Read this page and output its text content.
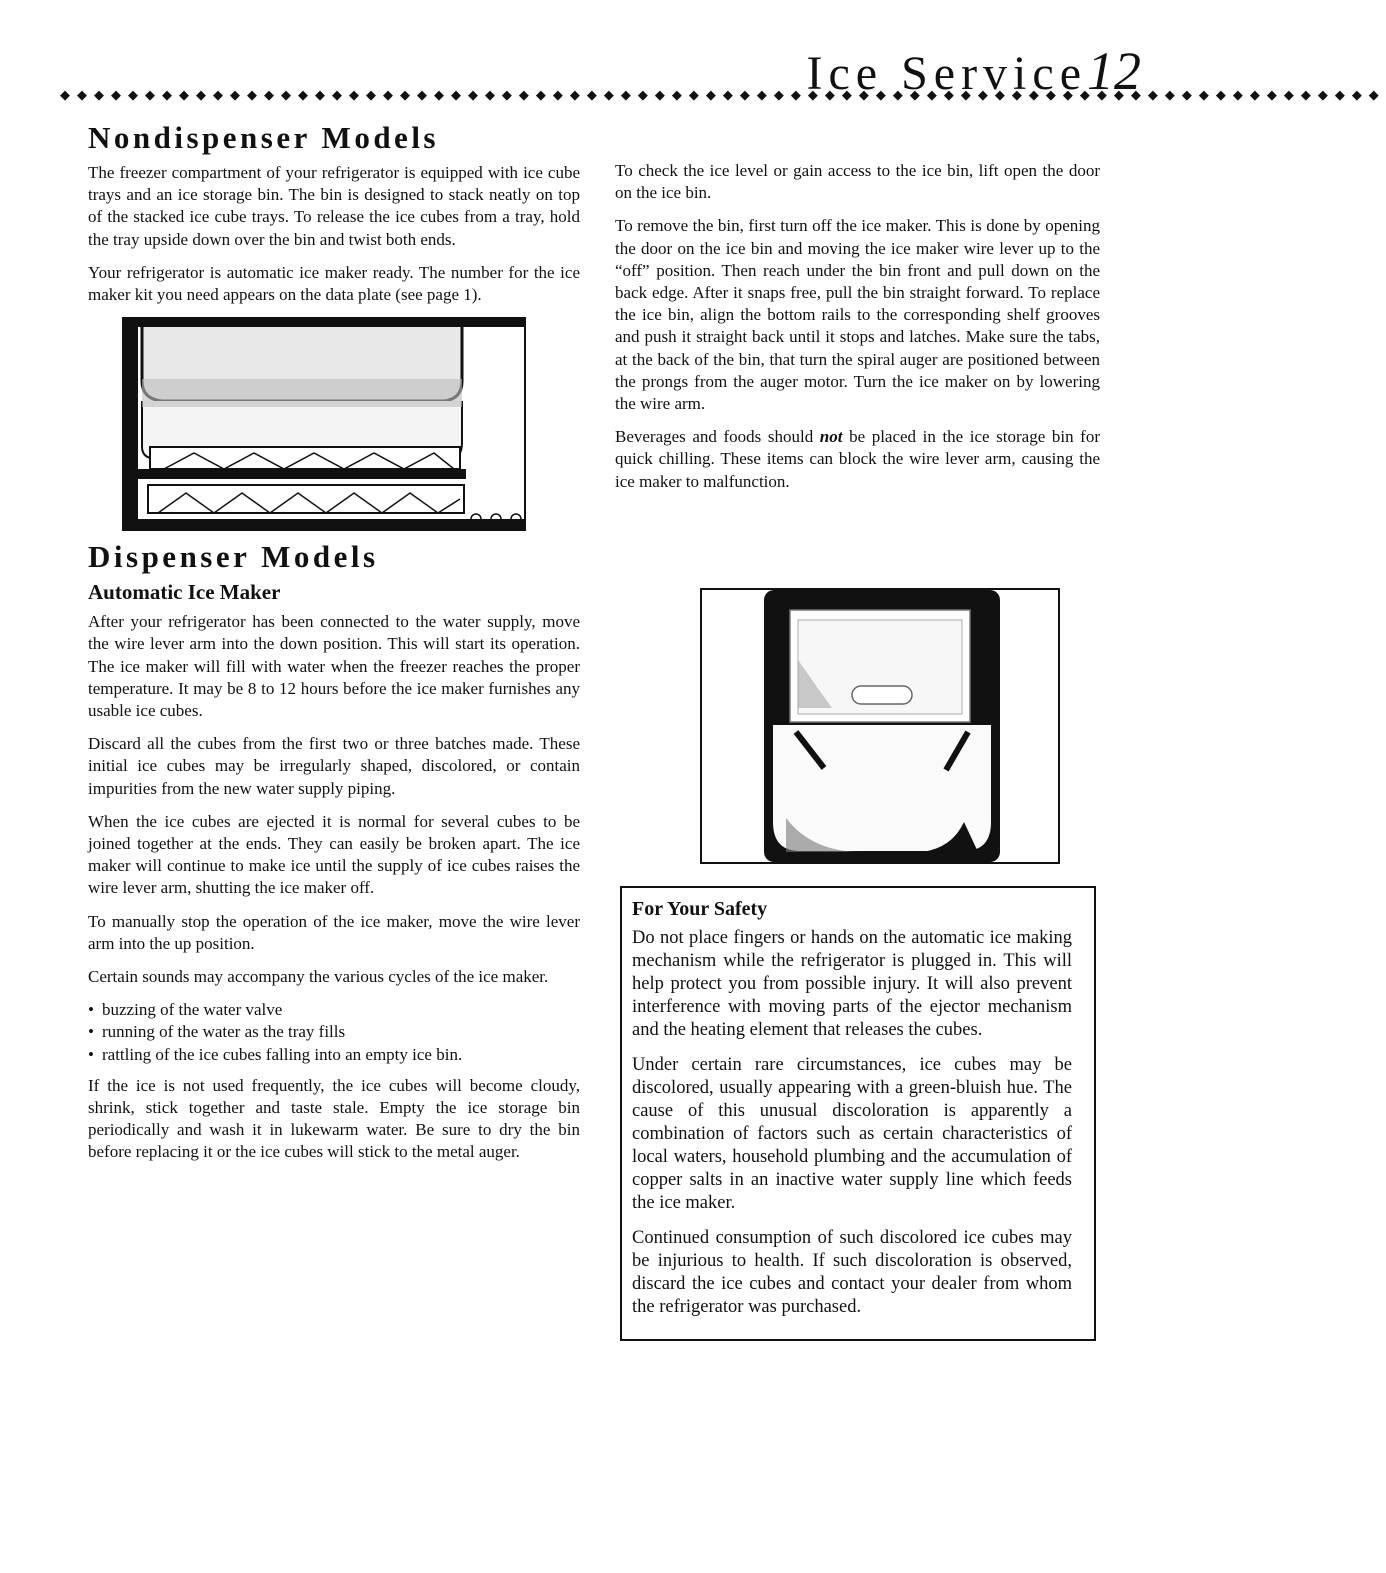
Ice Service12
◆◆◆◆◆◆◆◆◆◆◆◆◆◆◆◆◆◆◆◆◆◆◆◆◆◆◆◆◆◆◆◆◆◆◆◆◆◆◆◆◆◆◆◆◆◆◆◆◆◆◆◆◆◆◆◆◆◆◆◆◆◆◆◆◆◆◆◆◆◆◆◆◆◆◆◆◆◆
Nondispenser Models

The freezer compartment of your refrigerator is equipped with ice cube trays and an ice storage bin. The bin is designed to stack neatly on top of the stacked ice cube trays. To release the ice cubes from a tray, hold the tray upside down over the bin and twist both ends.

Your refrigerator is automatic ice maker ready. The number for the ice maker kit you need appears on the data plate (see page 1).

Dispenser Models
Automatic Ice Maker

After your refrigerator has been connected to the water supply, move the wire lever arm into the down position. This will start its operation. The ice maker will fill with water when the freezer reaches the proper temperature. It may be 8 to 12 hours before the ice maker furnishes any usable ice cubes.

Discard all the cubes from the first two or three batches made. These initial ice cubes may be irregularly shaped, discolored, or contain impurities from the new water supply piping.

When the ice cubes are ejected it is normal for several cubes to be joined together at the ends. They can easily be broken apart. The ice maker will continue to make ice until the supply of ice cubes raises the wire lever arm, shutting the ice maker off.

To manually stop the operation of the ice maker, move the wire lever arm into the up position.

Certain sounds may accompany the various cycles of the ice maker.

• buzzing of the water valve
• running of the water as the tray fills
• rattling of the ice cubes falling into an empty ice bin.

If the ice is not used frequently, the ice cubes will become cloudy, shrink, stick together and taste stale. Empty the ice storage bin periodically and wash it in lukewarm water. Be sure to dry the bin before replacing it or the ice cubes will stick to the metal auger.

To check the ice level or gain access to the ice bin, lift open the door on the ice bin.

To remove the bin, first turn off the ice maker. This is done by opening the door on the ice bin and moving the ice maker wire lever up to the “off” position. Then reach under the bin front and pull down on the back edge. After it snaps free, pull the bin straight forward. To replace the ice bin, align the bottom rails to the corresponding shelf grooves and push it straight back until it stops and latches. Make sure the tabs, at the back of the bin, that turn the spiral auger are positioned between the prongs from the auger motor. Turn the ice maker on by lowering the wire arm.

Beverages and foods should not be placed in the ice storage bin for quick chilling. These items can block the wire lever arm, causing the ice maker to malfunction.

For Your Safety

Do not place fingers or hands on the automatic ice making mechanism while the refrigerator is plugged in. This will help protect you from possible injury. It will also prevent interference with moving parts of the ejector mechanism and the heating element that releases the cubes.

Under certain rare circumstances, ice cubes may be discolored, usually appearing with a green-bluish hue. The cause of this unusual discoloration is apparently a combination of factors such as certain characteristics of local waters, household plumbing and the accumulation of copper salts in an inactive water supply line which feeds the ice maker.

Continued consumption of such discolored ice cubes may be injurious to health. If such discoloration is observed, discard the ice cubes and contact your dealer from whom the refrigerator was purchased.
